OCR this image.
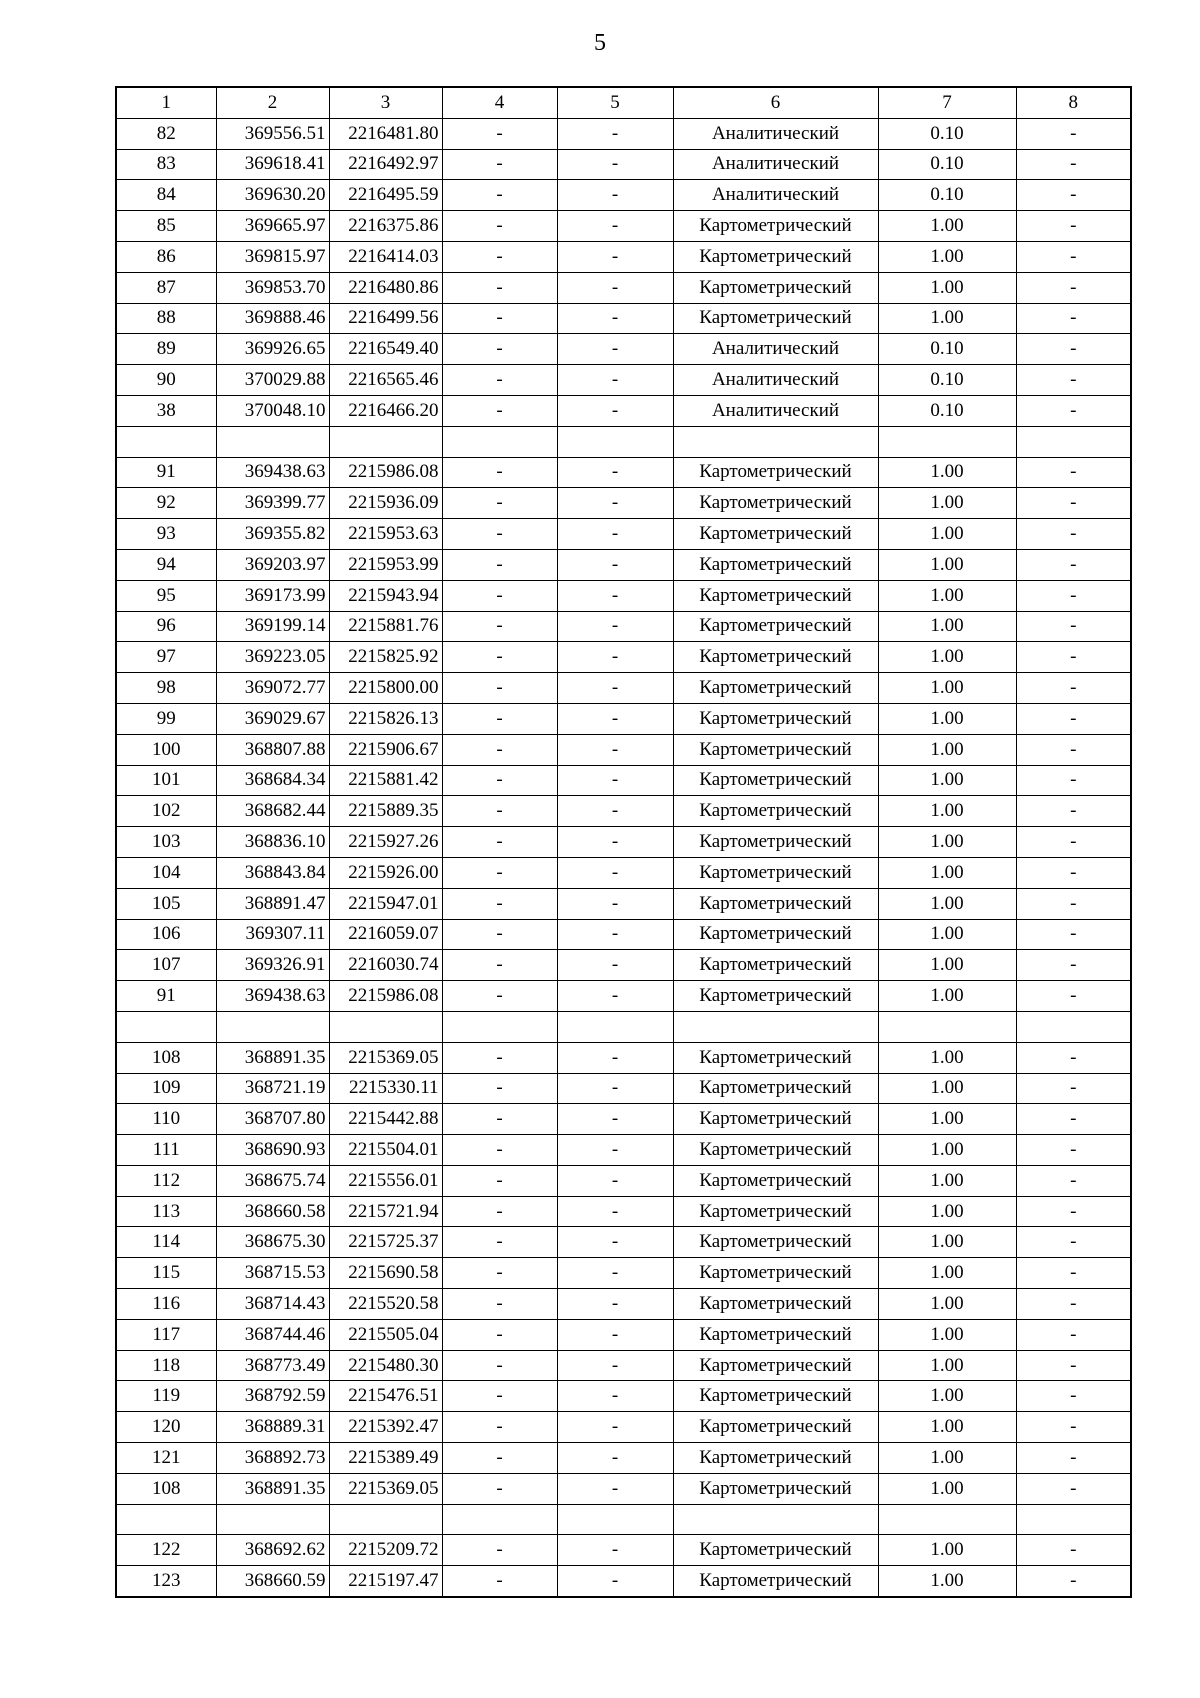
5
1	2	3	4	5	6	7	8
82	369556.51	2216481.80	-	-	Аналитический	0.10	-
83	369618.41	2216492.97	-	-	Аналитический	0.10	-
84	369630.20	2216495.59	-	-	Аналитический	0.10	-
85	369665.97	2216375.86	-	-	Картометрический	1.00	-
86	369815.97	2216414.03	-	-	Картометрический	1.00	-
87	369853.70	2216480.86	-	-	Картометрический	1.00	-
88	369888.46	2216499.56	-	-	Картометрический	1.00	-
89	369926.65	2216549.40	-	-	Аналитический	0.10	-
90	370029.88	2216565.46	-	-	Аналитический	0.10	-
38	370048.10	2216466.20	-	-	Аналитический	0.10	-

91	369438.63	2215986.08	-	-	Картометрический	1.00	-
92	369399.77	2215936.09	-	-	Картометрический	1.00	-
93	369355.82	2215953.63	-	-	Картометрический	1.00	-
94	369203.97	2215953.99	-	-	Картометрический	1.00	-
95	369173.99	2215943.94	-	-	Картометрический	1.00	-
96	369199.14	2215881.76	-	-	Картометрический	1.00	-
97	369223.05	2215825.92	-	-	Картометрический	1.00	-
98	369072.77	2215800.00	-	-	Картометрический	1.00	-
99	369029.67	2215826.13	-	-	Картометрический	1.00	-
100	368807.88	2215906.67	-	-	Картометрический	1.00	-
101	368684.34	2215881.42	-	-	Картометрический	1.00	-
102	368682.44	2215889.35	-	-	Картометрический	1.00	-
103	368836.10	2215927.26	-	-	Картометрический	1.00	-
104	368843.84	2215926.00	-	-	Картометрический	1.00	-
105	368891.47	2215947.01	-	-	Картометрический	1.00	-
106	369307.11	2216059.07	-	-	Картометрический	1.00	-
107	369326.91	2216030.74	-	-	Картометрический	1.00	-
91	369438.63	2215986.08	-	-	Картометрический	1.00	-

108	368891.35	2215369.05	-	-	Картометрический	1.00	-
109	368721.19	2215330.11	-	-	Картометрический	1.00	-
110	368707.80	2215442.88	-	-	Картометрический	1.00	-
111	368690.93	2215504.01	-	-	Картометрический	1.00	-
112	368675.74	2215556.01	-	-	Картометрический	1.00	-
113	368660.58	2215721.94	-	-	Картометрический	1.00	-
114	368675.30	2215725.37	-	-	Картометрический	1.00	-
115	368715.53	2215690.58	-	-	Картометрический	1.00	-
116	368714.43	2215520.58	-	-	Картометрический	1.00	-
117	368744.46	2215505.04	-	-	Картометрический	1.00	-
118	368773.49	2215480.30	-	-	Картометрический	1.00	-
119	368792.59	2215476.51	-	-	Картометрический	1.00	-
120	368889.31	2215392.47	-	-	Картометрический	1.00	-
121	368892.73	2215389.49	-	-	Картометрический	1.00	-
108	368891.35	2215369.05	-	-	Картометрический	1.00	-

122	368692.62	2215209.72	-	-	Картометрический	1.00	-
123	368660.59	2215197.47	-	-	Картометрический	1.00	-
